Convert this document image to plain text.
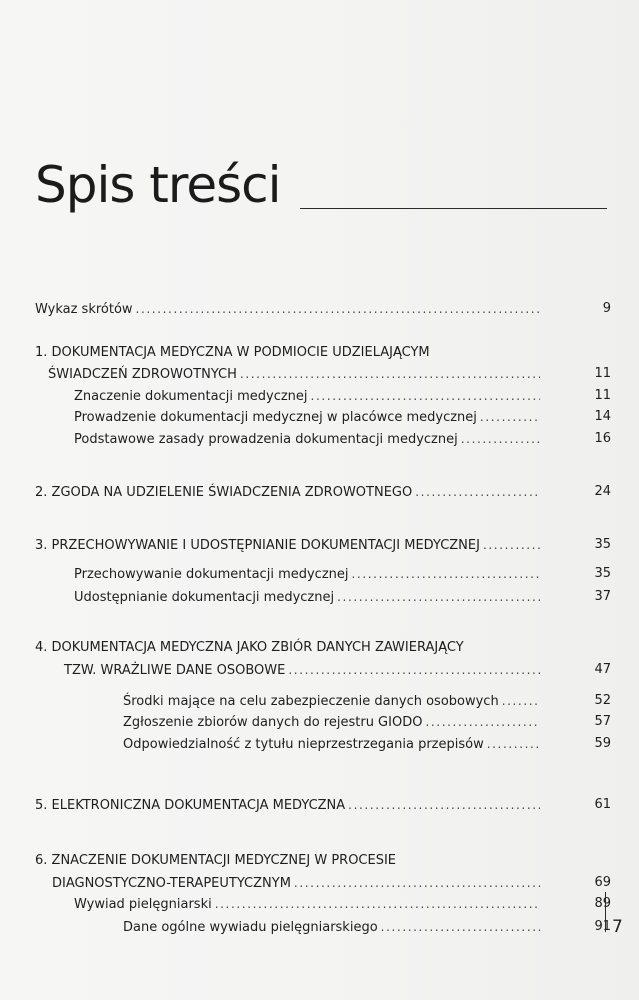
Spis treści
Wykaz skrótów .....	9
1. DOKUMENTACJA MEDYCZNA W PODMIOCIE UDZIELAJĄCYM
ŚWIADCZEŃ ZDROWOTNYCH .....	11
Znaczenie dokumentacji medycznej .....	11
Prowadzenie dokumentacji medycznej w placówce medycznej .....	14
Podstawowe zasady prowadzenia dokumentacji medycznej .....	16
2. ZGODA NA UDZIELENIE ŚWIADCZENIA ZDROWOTNEGO .....	24
3. PRZECHOWYWANIE I UDOSTĘPNIANIE DOKUMENTACJI MEDYCZNEJ .....	35
Przechowywanie dokumentacji medycznej .....	35
Udostępnianie dokumentacji medycznej .....	37
4. DOKUMENTACJA MEDYCZNA JAKO ZBIÓR DANYCH ZAWIERAJĄCY
TZW. WRAŻLIWE DANE OSOBOWE .....	47
Środki mające na celu zabezpieczenie danych osobowych .....	52
Zgłoszenie zbiorów danych do rejestru GIODO .....	57
Odpowiedzialność z tytułu nieprzestrzegania przepisów .....	59
5. ELEKTRONICZNA DOKUMENTACJA MEDYCZNA .....	61
6. ZNACZENIE DOKUMENTACJI MEDYCZNEJ W PROCESIE
DIAGNOSTYCZNO-TERAPEUTYCZNYM .....	69
Wywiad pielęgniarski .....	89
Dane ogólne wywiadu pielęgniarskiego .....	91 7
